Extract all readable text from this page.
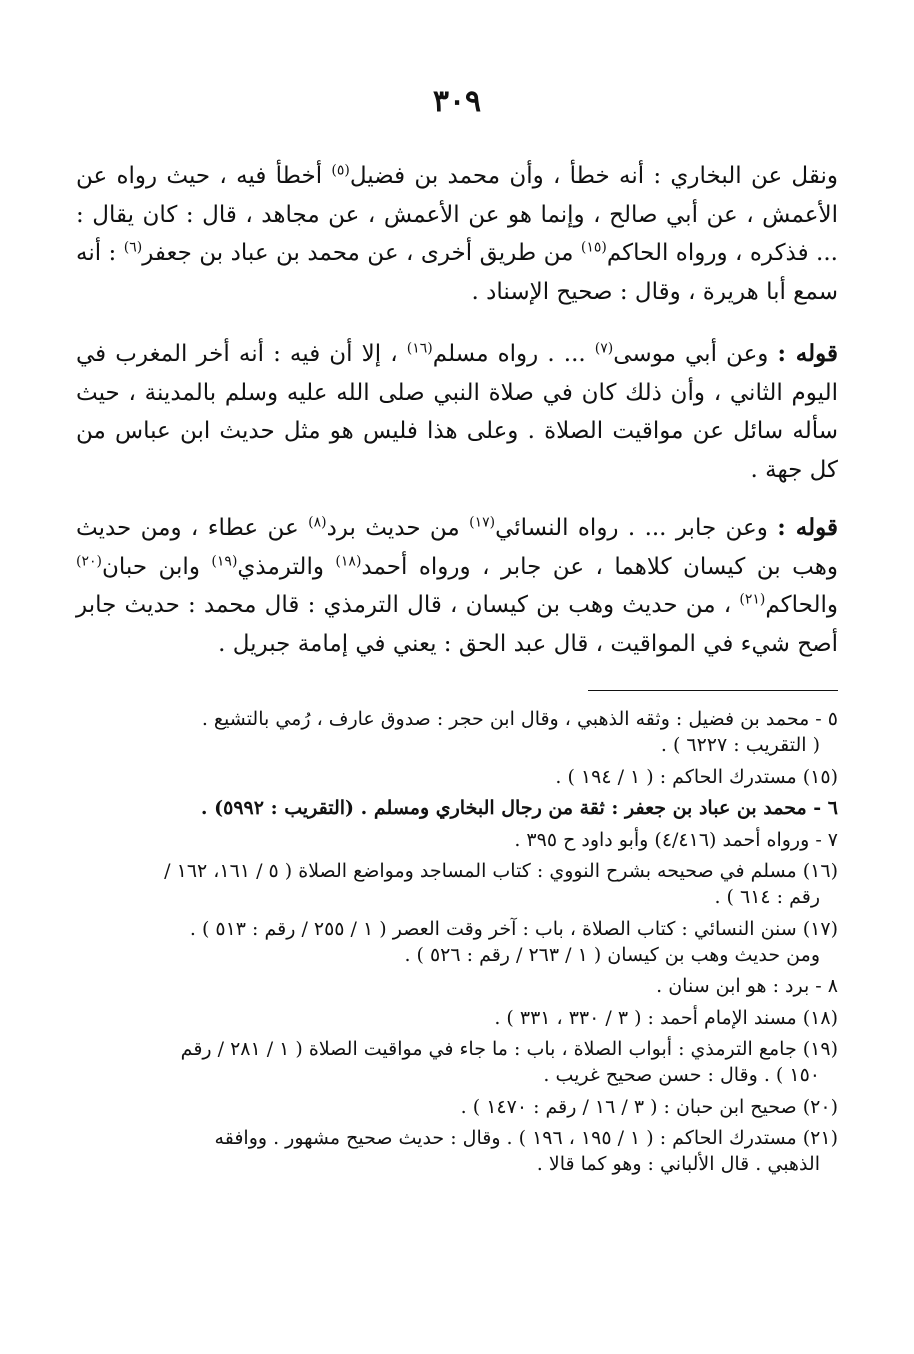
٣٠٩

ونقل عن البخاري : أنه خطأ ، وأن محمد بن فضيل$^{(٥)}$ أخطأ فيه ، حيث رواه عن الأعمش ، عن أبي صالح ، وإنما هو عن الأعمش ، عن مجاهد ، قال : كان يقال : ... فذكره ، ورواه الحاكم$^{(١٥)}$ من طريق أخرى ، عن محمد بن عباد بن جعفر$^{(٦)}$ : أنه سمع أبا هريرة ، وقال : صحيح الإسناد .

قوله : وعن أبي موسى$^{(٧)}$ ... . رواه مسلم$^{(١٦)}$ ، إلا أن فيه : أنه أخر المغرب في اليوم الثاني ، وأن ذلك كان في صلاة النبي صلى الله عليه وسلم بالمدينة ، حيث سأله سائل عن مواقيت الصلاة . وعلى هذا فليس هو مثل حديث ابن عباس من كل جهة .

قوله : وعن جابر ... . رواه النسائي$^{(١٧)}$ من حديث برد$^{(٨)}$ عن عطاء ، ومن حديث وهب بن كيسان كلاهما ، عن جابر ، ورواه أحمد$^{(١٨)}$ والترمذي$^{(١٩)}$ وابن حبان$^{(٢٠)}$ والحاكم$^{(٢١)}$ ، من حديث وهب بن كيسان ، قال الترمذي : قال محمد : حديث جابر أصح شيء في المواقيت ، قال عبد الحق : يعني في إمامة جبريل .

٥ - محمد بن فضيل : وثقه الذهبي ، وقال ابن حجر : صدوق عارف ، رُمي بالتشيع .
( التقريب : ٦٢٢٧ ) .
(١٥) مستدرك الحاكم : ( ١ / ١٩٤ ) .
٦ - محمد بن عباد بن جعفر : ثقة من رجال البخاري ومسلم . (التقريب : ٥٩٩٢) .
٧ - ورواه أحمد (٤/٤١٦) وأبو داود ح ٣٩٥ .
(١٦) مسلم في صحيحه بشرح النووي : كتاب المساجد ومواضع الصلاة ( ٥ / ١٦١، ١٦٢ /
رقم : ٦١٤ ) .
(١٧) سنن النسائي : كتاب الصلاة ، باب : آخر وقت العصر ( ١ / ٢٥٥ / رقم : ٥١٣ ) .
ومن حديث وهب بن كيسان ( ١ / ٢٦٣ / رقم : ٥٢٦ ) .
٨ - برد : هو ابن سنان .
(١٨) مسند الإمام أحمد : ( ٣ / ٣٣٠ ، ٣٣١ ) .
(١٩) جامع الترمذي : أبواب الصلاة ، باب : ما جاء في مواقيت الصلاة ( ١ / ٢٨١ / رقم
١٥٠ ) . وقال : حسن صحيح غريب .
(٢٠) صحيح ابن حبان : ( ٣ / ١٦ / رقم : ١٤٧٠ ) .
(٢١) مستدرك الحاكم : ( ١ / ١٩٥ ، ١٩٦ ) . وقال : حديث صحيح مشهور . ووافقه
الذهبي . قال الألباني : وهو كما قالا .
